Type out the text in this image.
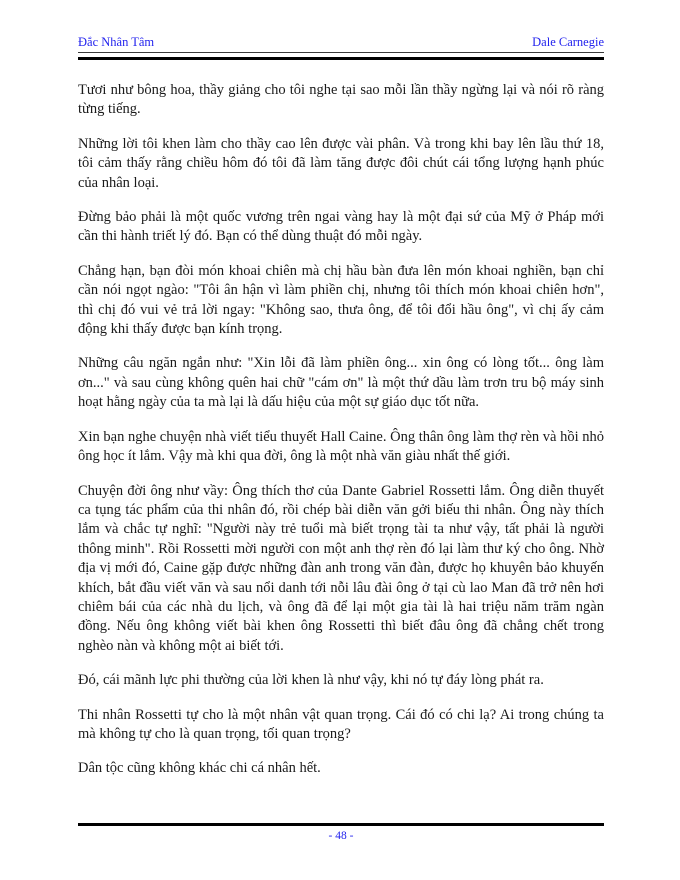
Đắc Nhân Tâm	Dale Carnegie

Tươi như bông hoa, thầy giảng cho tôi nghe tại sao mỗi lần thầy ngừng lại và nói rõ ràng từng tiếng.

Những lời tôi khen làm cho thầy cao lên được vài phân. Và trong khi bay lên lầu thứ 18, tôi cảm thấy rằng chiều hôm đó tôi đã làm tăng được đôi chút cái tổng lượng hạnh phúc của nhân loại.

Đừng bảo phải là một quốc vương trên ngai vàng hay là một đại sứ của Mỹ ở Pháp mới cần thi hành triết lý đó. Bạn có thể dùng thuật đó mỗi ngày.

Chẳng hạn, bạn đòi món khoai chiên mà chị hầu bàn đưa lên món khoai nghiền, bạn chỉ cần nói ngọt ngào: "Tôi ân hận vì làm phiền chị, nhưng tôi thích món khoai chiên hơn", thì chị đó vui vẻ trả lời ngay: "Không sao, thưa ông, để tôi đổi hầu ông", vì chị ấy cảm động khi thấy được bạn kính trọng.

Những câu ngăn ngắn như: "Xin lỗi đã làm phiền ông... xin ông có lòng tốt... ông làm ơn..." và sau cùng không quên hai chữ "cám ơn" là một thứ dầu làm trơn tru bộ máy sinh hoạt hằng ngày của ta mà lại là dấu hiệu của một sự giáo dục tốt nữa.

Xin bạn nghe chuyện nhà viết tiểu thuyết Hall Caine. Ông thân ông làm thợ rèn và hồi nhỏ ông học ít lắm. Vậy mà khi qua đời, ông là một nhà văn giàu nhất thế giới.

Chuyện đời ông như vầy: Ông thích thơ của Dante Gabriel Rossetti lắm. Ông diễn thuyết ca tụng tác phẩm của thi nhân đó, rồi chép bài diễn văn gởi biếu thi nhân. Ông này thích lắm và chắc tự nghĩ: "Người này trẻ tuổi mà biết trọng tài ta như vậy, tất phải là người thông minh". Rồi Rossetti mời người con một anh thợ rèn đó lại làm thư ký cho ông. Nhờ địa vị mới đó, Caine gặp được những đàn anh trong văn đàn, được họ khuyên bảo khuyến khích, bắt đầu viết văn và sau nổi danh tới nỗi lâu đài ông ở tại cù lao Man đã trở nên hơi chiêm bái của các nhà du lịch, và ông đã để lại một gia tài là hai triệu năm trăm ngàn đồng. Nếu ông không viết bài khen ông Rossetti thì biết đâu ông đã chẳng chết trong nghèo nàn và không một ai biết tới.

Đó, cái mãnh lực phi thường của lời khen là như vậy, khi nó tự đáy lòng phát ra.

Thi nhân Rossetti tự cho là một nhân vật quan trọng. Cái đó có chi lạ? Ai trong chúng ta mà không tự cho là quan trọng, tối quan trọng?

Dân tộc cũng không khác chi cá nhân hết.

- 48 -
